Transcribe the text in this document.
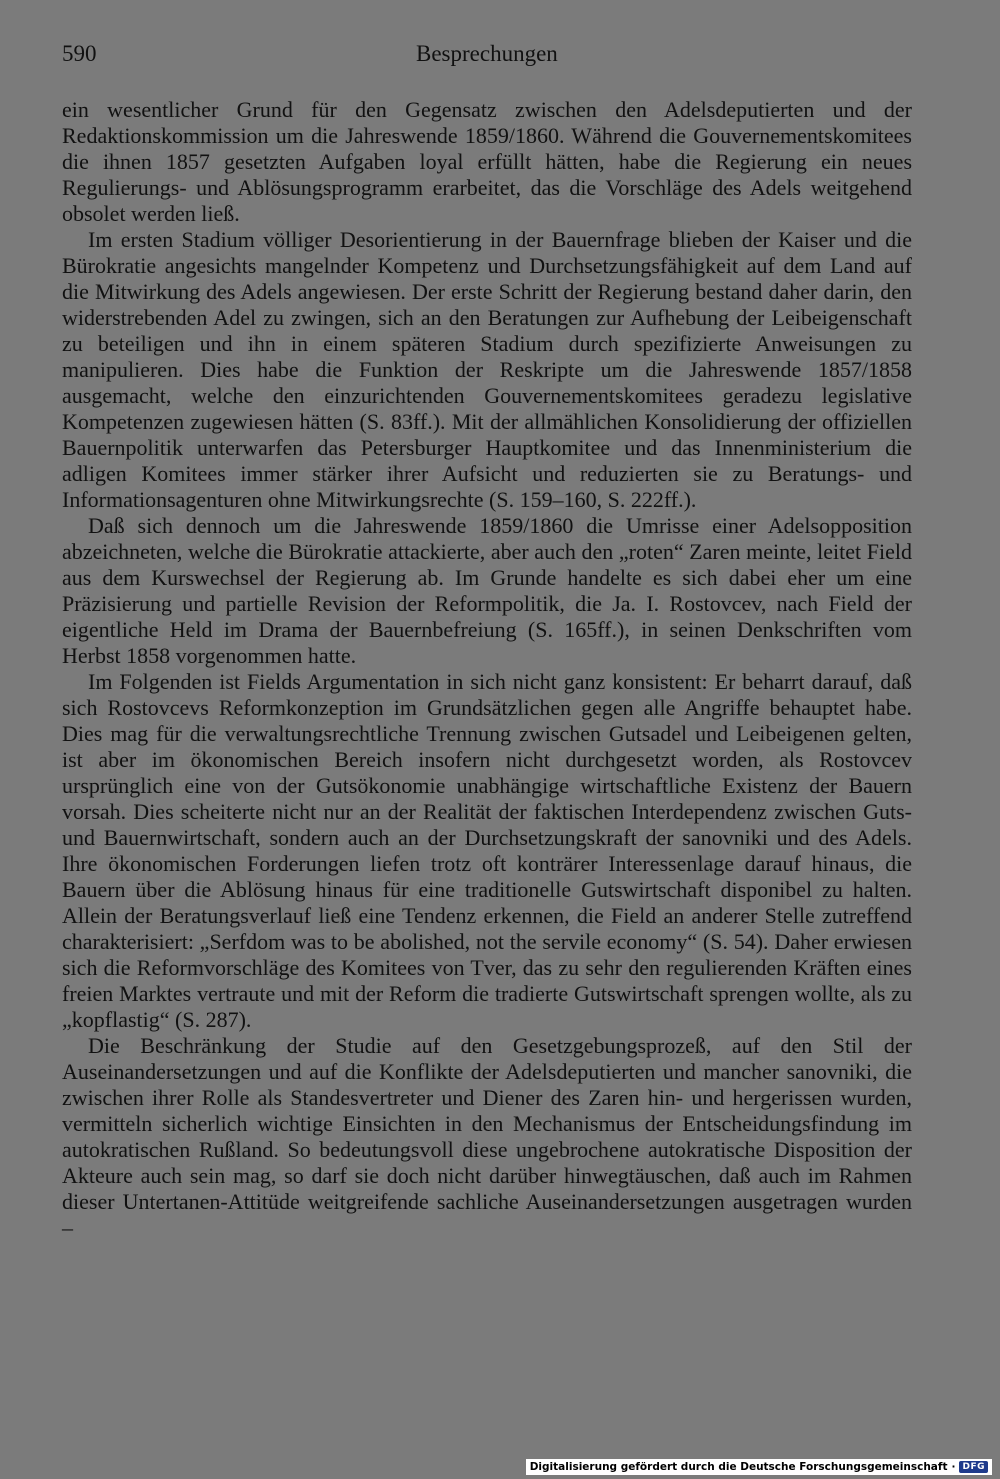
590	Besprechungen

ein wesentlicher Grund für den Gegensatz zwischen den Adelsdeputierten und der Redaktionskommission um die Jahreswende 1859/1860. Während die Gouvernementskomitees die ihnen 1857 gesetzten Aufgaben loyal erfüllt hätten, habe die Regierung ein neues Regulierungs- und Ablösungsprogramm erarbeitet, das die Vorschläge des Adels weitgehend obsolet werden ließ.

Im ersten Stadium völliger Desorientierung in der Bauernfrage blieben der Kaiser und die Bürokratie angesichts mangelnder Kompetenz und Durchsetzungsfähigkeit auf dem Land auf die Mitwirkung des Adels angewiesen. Der erste Schritt der Regierung bestand daher darin, den widerstrebenden Adel zu zwingen, sich an den Beratungen zur Aufhebung der Leibeigenschaft zu beteiligen und ihn in einem späteren Stadium durch spezifizierte Anweisungen zu manipulieren. Dies habe die Funktion der Reskripte um die Jahreswende 1857/1858 ausgemacht, welche den einzurichtenden Gouvernementskomitees geradezu legislative Kompetenzen zugewiesen hätten (S. 83ff.). Mit der allmählichen Konsolidierung der offiziellen Bauernpolitik unterwarfen das Petersburger Hauptkomitee und das Innenministerium die adligen Komitees immer stärker ihrer Aufsicht und reduzierten sie zu Beratungs- und Informationsagenturen ohne Mitwirkungsrechte (S. 159–160, S. 222ff.).

Daß sich dennoch um die Jahreswende 1859/1860 die Umrisse einer Adelsopposition abzeichneten, welche die Bürokratie attackierte, aber auch den „roten“ Zaren meinte, leitet Field aus dem Kurswechsel der Regierung ab. Im Grunde handelte es sich dabei eher um eine Präzisierung und partielle Revision der Reformpolitik, die Ja. I. Rostovcev, nach Field der eigentliche Held im Drama der Bauernbefreiung (S. 165ff.), in seinen Denkschriften vom Herbst 1858 vorgenommen hatte.

Im Folgenden ist Fields Argumentation in sich nicht ganz konsistent: Er beharrt darauf, daß sich Rostovcevs Reformkonzeption im Grundsätzlichen gegen alle Angriffe behauptet habe. Dies mag für die verwaltungsrechtliche Trennung zwischen Gutsadel und Leibeigenen gelten, ist aber im ökonomischen Bereich insofern nicht durchgesetzt worden, als Rostovcev ursprünglich eine von der Gutsökonomie unabhängige wirtschaftliche Existenz der Bauern vorsah. Dies scheiterte nicht nur an der Realität der faktischen Interdependenz zwischen Guts- und Bauernwirtschaft, sondern auch an der Durchsetzungskraft der sanovniki und des Adels. Ihre ökonomischen Forderungen liefen trotz oft konträrer Interessenlage darauf hinaus, die Bauern über die Ablösung hinaus für eine traditionelle Gutswirtschaft disponibel zu halten. Allein der Beratungsverlauf ließ eine Tendenz erkennen, die Field an anderer Stelle zutreffend charakterisiert: „Serfdom was to be abolished, not the servile economy“ (S. 54). Daher erwiesen sich die Reformvorschläge des Komitees von Tver, das zu sehr den regulierenden Kräften eines freien Marktes vertraute und mit der Reform die tradierte Gutswirtschaft sprengen wollte, als zu „kopflastig“ (S. 287).

Die Beschränkung der Studie auf den Gesetzgebungsprozeß, auf den Stil der Auseinandersetzungen und auf die Konflikte der Adelsdeputierten und mancher sanovniki, die zwischen ihrer Rolle als Standesvertreter und Diener des Zaren hin- und hergerissen wurden, vermitteln sicherlich wichtige Einsichten in den Mechanismus der Entscheidungsfindung im autokratischen Rußland. So bedeutungsvoll diese ungebrochene autokratische Disposition der Akteure auch sein mag, so darf sie doch nicht darüber hinwegtäuschen, daß auch im Rahmen dieser Untertanen-Attitüde weitgreifende sachliche Auseinandersetzungen ausgetragen wurden –

Digitalisierung gefördert durch die Deutsche Forschungsgemeinschaft · DFG
